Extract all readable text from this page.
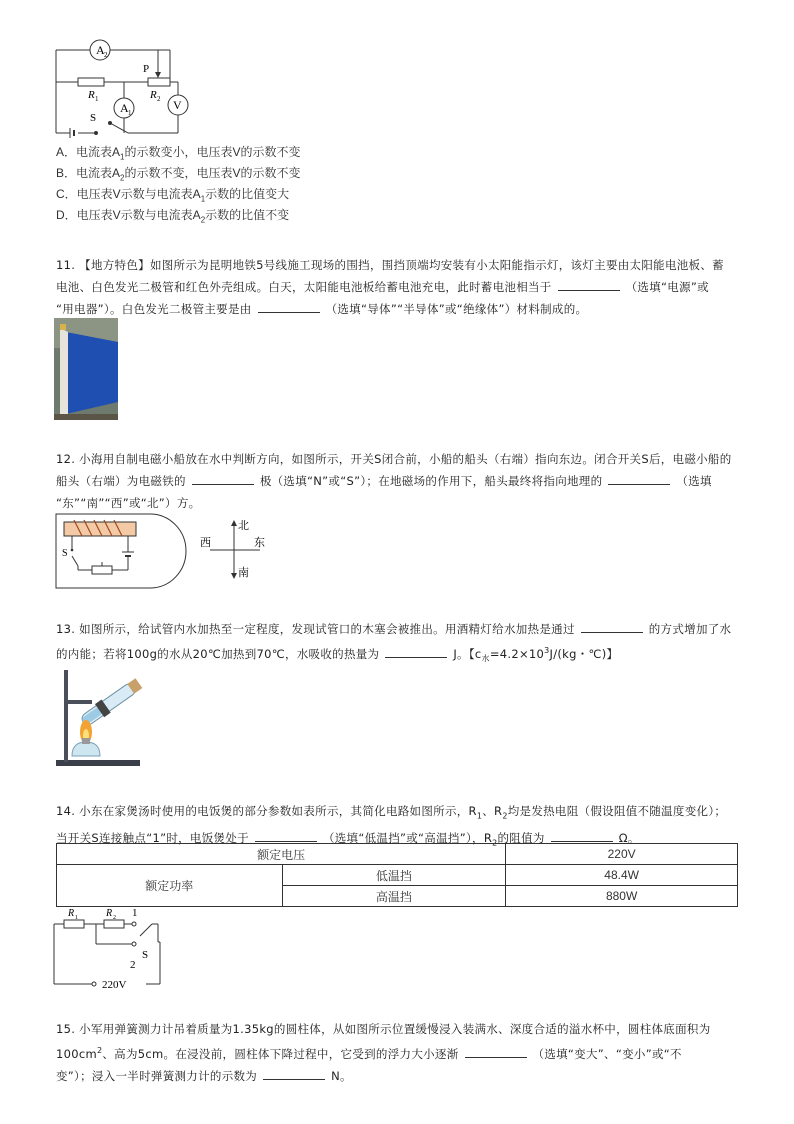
A 2
A 1
V
P
R 1	R 2
S
A．电流表$A_1$的示数变小，电压表V的示数不变
B．电流表$A_2$的示数不变，电压表V的示数不变
C．电压表V示数与电流表$A_1$示数的比值变大
D．电压表V示数与电流表$A_2$示数的比值不变
11. 【地方特色】如图所示为昆明地铁5号线施工现场的围挡，围挡顶端均安装有小太阳能指示灯，该灯主要由太阳能电池板、蓄
电池、白色发光二极管和红色外壳组成。白天，太阳能电池板给蓄电池充电，此时蓄电池相当于	（选填“电源”或
“用电器”）。白色发光二极管主要是由	（选填“导体”“半导体”或“绝缘体”）材料制成的。
12. 小海用自制电磁小船放在水中判断方向，如图所示，开关S闭合前，小船的船头（右端）指向东边。闭合开关S后，电磁小船的
船头（右端）为电磁铁的	极（选填“N”或“S”）；在地磁场的作用下，船头最终将指向地理的	（选填
“东”“南”“西”或“北”）方。
S
北
西	东
南
13. 如图所示，给试管内水加热至一定程度，发现试管口的木塞会被推出。用酒精灯给水加热是通过	的方式增加了水
的内能；若将100g的水从20℃加热到70℃，水吸收的热量为	J。【$c_水=4.2\times 10^3J/(kg$・℃)】
14. 小东在家煲汤时使用的电饭煲的部分参数如表所示，其简化电路如图所示，$R_1$、$R_2$均是发热电阻（假设阻值不随温度变化）；
当开关S连接触点“1”时，电饭煲处于	（选填“低温挡”或“高温挡”），$R_2$的阻值为	Ω。
额定电压		220V
额定功率	低温挡	48.4W
	高温挡	880W
R 1	R 2 1
2
S
220V
15. 小军用弹簧测力计吊着质量为1.35kg的圆柱体，从如图所示位置缓慢浸入装满水、深度合适的溢水杯中，圆柱体底面积为
$100cm^2$、高为5cm。在浸没前，圆柱体下降过程中，它受到的浮力大小逐渐	（选填“变大”、“变小”或“不
变”）；浸入一半时弹簧测力计的示数为	N。
